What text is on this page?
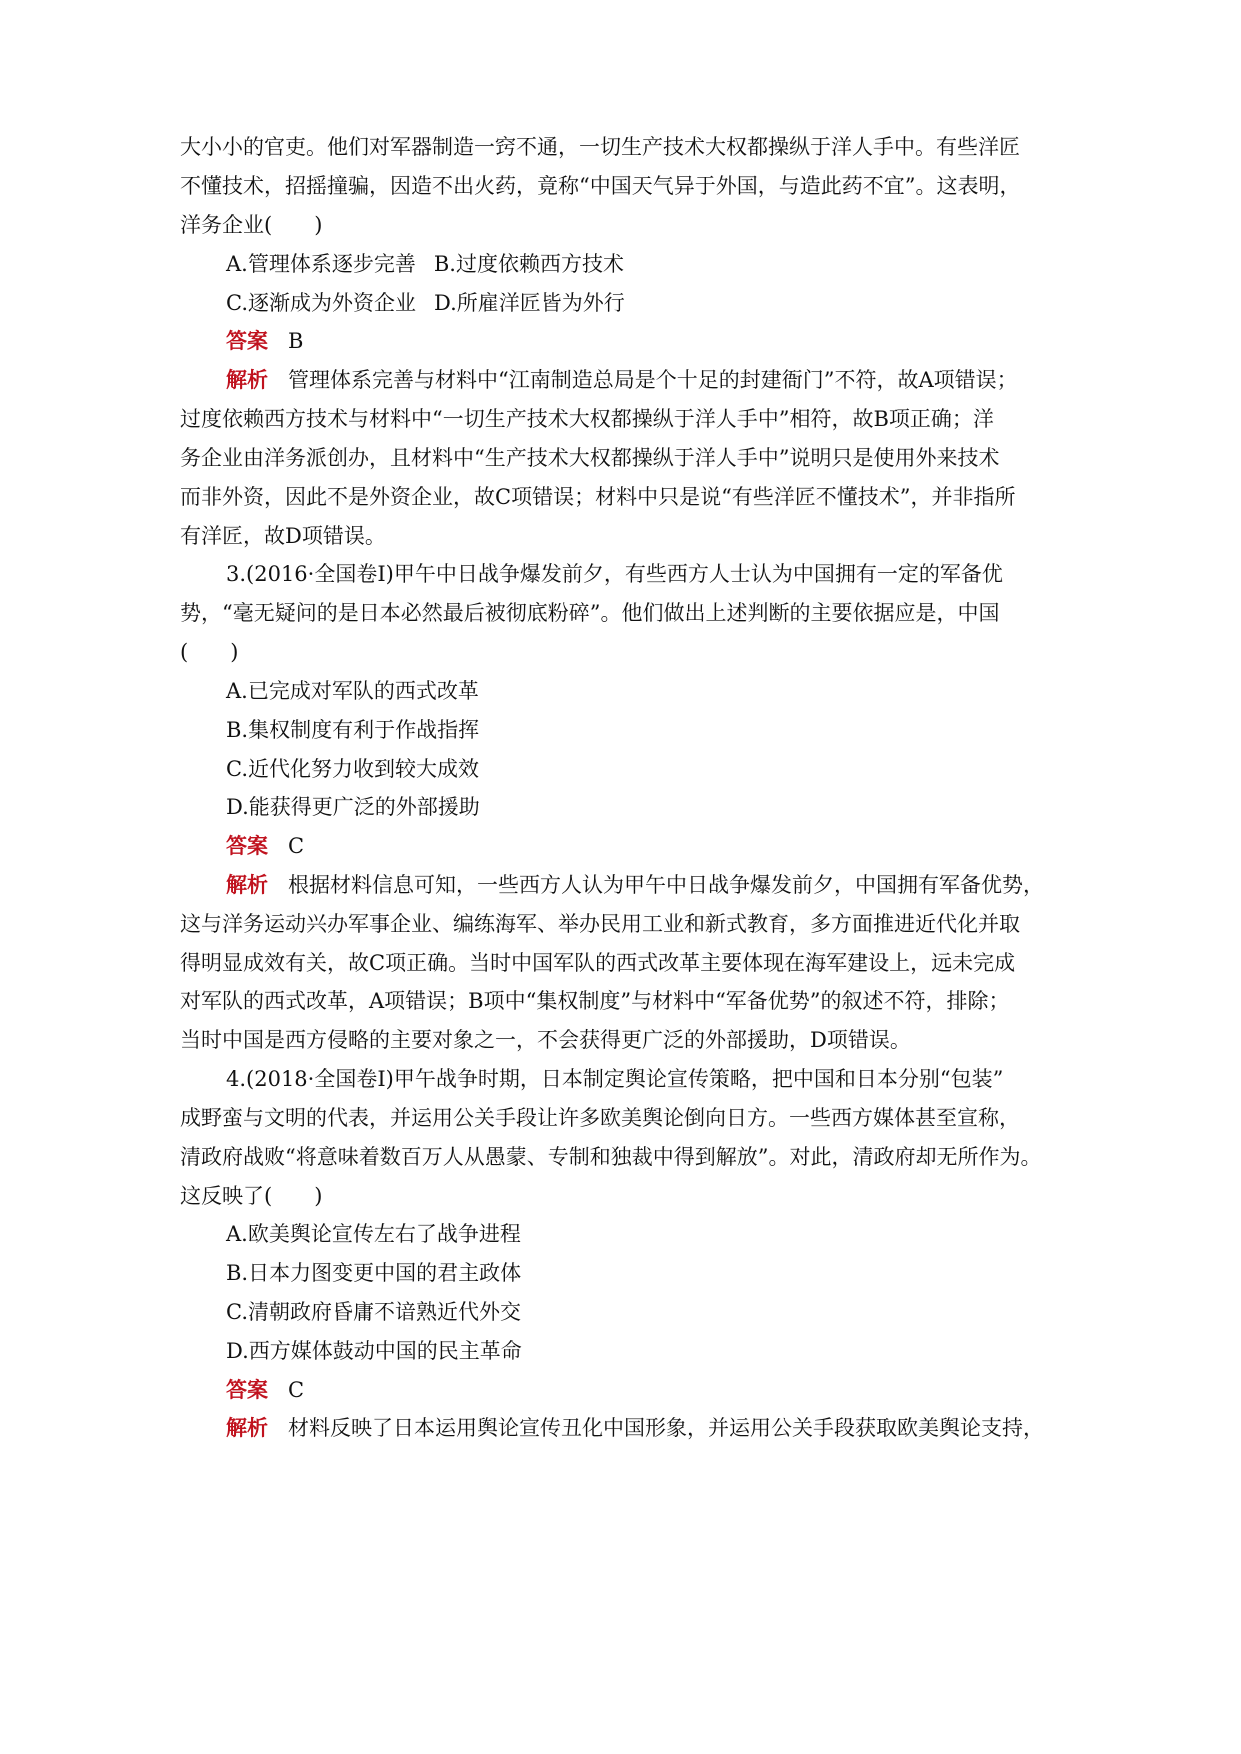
大小小的官吏。他们对军器制造一窍不通，一切生产技术大权都操纵于洋人手中。有些洋匠
不懂技术，招摇撞骗，因造不出火药，竟称“中国天气异于外国，与造此药不宜”。这表明，
洋务企业(　　)
A.管理体系逐步完善 B.过度依赖西方技术
C.逐渐成为外资企业 D.所雇洋匠皆为外行
答案 B
解析 管理体系完善与材料中“江南制造总局是个十足的封建衙门”不符，故A项错误；
过度依赖西方技术与材料中“一切生产技术大权都操纵于洋人手中”相符，故B项正确；洋
务企业由洋务派创办，且材料中“生产技术大权都操纵于洋人手中”说明只是使用外来技术
而非外资，因此不是外资企业，故C项错误；材料中只是说“有些洋匠不懂技术”，并非指所
有洋匠，故D项错误。
3.(2016·全国卷Ⅰ)甲午中日战争爆发前夕，有些西方人士认为中国拥有一定的军备优
势，“毫无疑问的是日本必然最后被彻底粉碎”。他们做出上述判断的主要依据应是，中国
(　　)
A.已完成对军队的西式改革
B.集权制度有利于作战指挥
C.近代化努力收到较大成效
D.能获得更广泛的外部援助
答案 C
解析 根据材料信息可知，一些西方人认为甲午中日战争爆发前夕，中国拥有军备优势，
这与洋务运动兴办军事企业、编练海军、举办民用工业和新式教育，多方面推进近代化并取
得明显成效有关，故C项正确。当时中国军队的西式改革主要体现在海军建设上，远未完成
对军队的西式改革，A项错误；B项中“集权制度”与材料中“军备优势”的叙述不符，排除；
当时中国是西方侵略的主要对象之一，不会获得更广泛的外部援助，D项错误。
4.(2018·全国卷Ⅰ)甲午战争时期，日本制定舆论宣传策略，把中国和日本分别“包装”
成野蛮与文明的代表，并运用公关手段让许多欧美舆论倒向日方。一些西方媒体甚至宣称，
清政府战败“将意味着数百万人从愚蒙、专制和独裁中得到解放”。对此，清政府却无所作为。
这反映了(　　)
A.欧美舆论宣传左右了战争进程
B.日本力图变更中国的君主政体
C.清朝政府昏庸不谙熟近代外交
D.西方媒体鼓动中国的民主革命
答案 C
解析 材料反映了日本运用舆论宣传丑化中国形象，并运用公关手段获取欧美舆论支持，
